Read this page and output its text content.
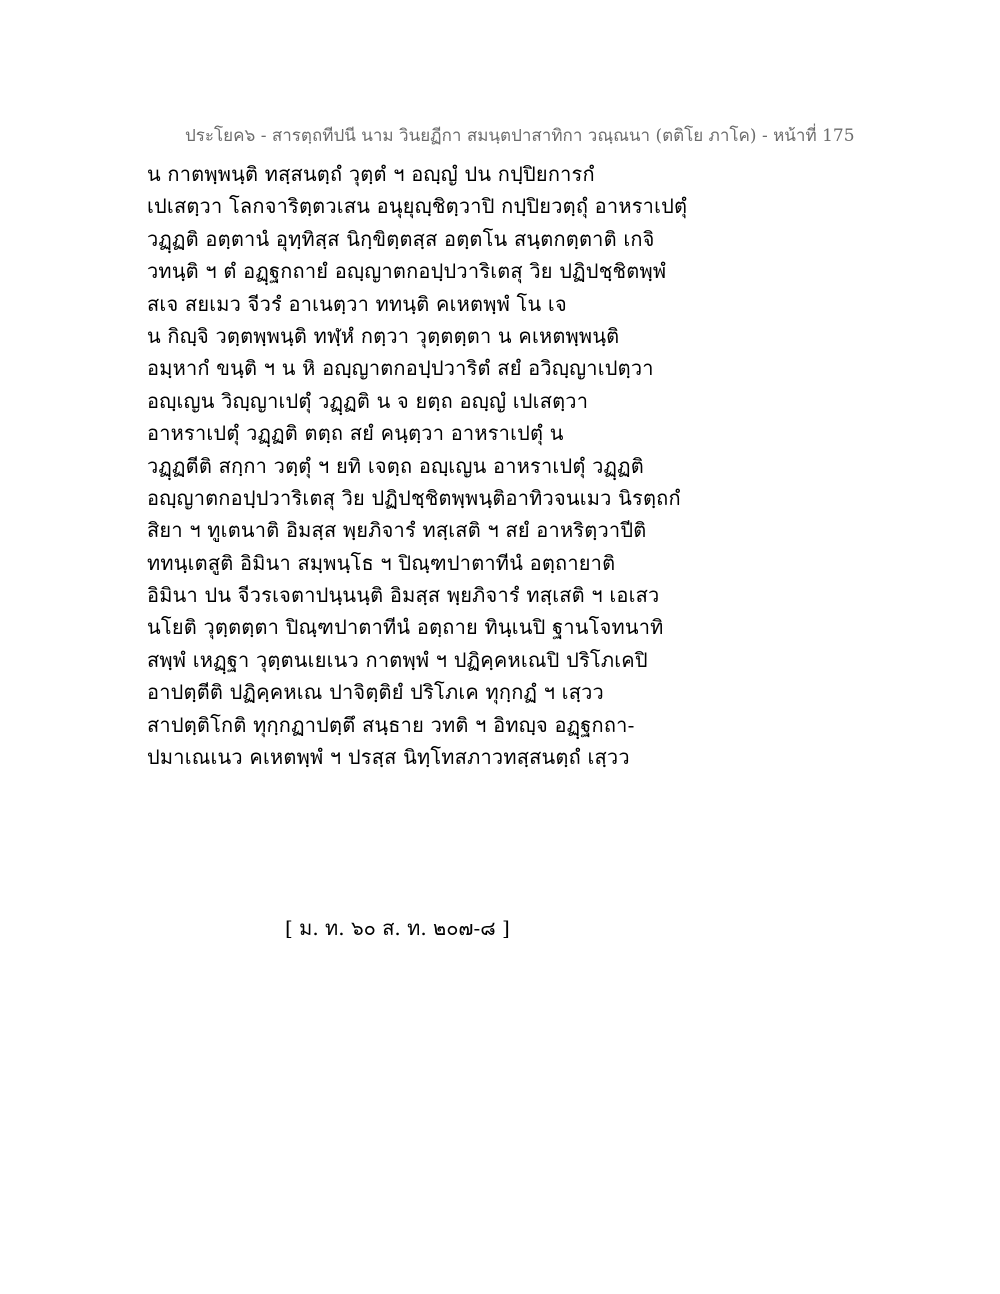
ประโยค๖ - สารตฺถทีปนี นาม วินยฏีกา สมนฺตปาสาทิกา วณฺณนา (ตติโย ภาโค) - หน้าที่ 175
น กาตพฺพนฺติ ทสฺสนตฺถํ วุตฺตํ ฯ อญฺญํ ปน กปฺปิยการกํ
เปเสตฺวา โลกจาริตฺตวเสน อนุยุญฺชิตฺวาปิ กปฺปิยวตฺถุํ อาหราเปตุํ
วฏฺฏติ อตฺตานํ อุทฺทิสฺส นิกฺขิตฺตสฺส อตฺตโน สนฺตกตฺตาติ เกจิ
วทนฺติ ฯ ตํ อฏฺฐกถายํ อญฺญาตกอปฺปวาริเตสุ วิย ปฏิปชฺชิตพฺพํ
สเจ สยเมว จีวรํ อาเนตฺวา ททนฺติ คเหตพฺพํ โน เจ
น กิญฺจิ วตฺตพฺพนฺติ ทฬฺหํ กตฺวา วุตฺตตฺตา น คเหตพฺพนฺติ
อมฺหากํ ขนฺติ ฯ น หิ อญฺญาตกอปฺปวาริตํ สยํ อวิญฺญาเปตฺวา
อญฺเญน วิญฺญาเปตุํ วฏฺฏติ น จ ยตฺถ อญฺญํ เปเสตฺวา
อาหราเปตุํ วฏฺฏติ ตตฺถ สยํ คนฺตฺวา อาหราเปตุํ น
วฏฺฏตีติ สกฺกา วตฺตุํ ฯ ยทิ เจตฺถ อญฺเญน อาหราเปตุํ วฏฺฏติ
อญฺญาตกอปฺปวาริเตสุ วิย ปฏิปชฺชิตพฺพนฺติอาทิวจนเมว นิรตฺถกํ
สิยา ฯ ทูเตนาติ อิมสฺส พฺยภิจารํ ทสฺเสติ ฯ สยํ อาหริตฺวาปีติ
ททนฺเตสูติ อิมินา สมฺพนฺโธ ฯ ปิณฺฑปาตาทีนํ อตฺถายาติ
อิมินา ปน จีวรเจตาปนฺนนฺติ อิมสฺส พฺยภิจารํ ทสฺเสติ ฯ เอเสว
นโยติ วุตฺตตฺตา ปิณฺฑปาตาทีนํ อตฺถาย ทินฺเนปิ ฐานโจทนาทิ
สพฺพํ เหฏฺฐา วุตฺตนเยเนว กาตพฺพํ ฯ ปฏิคฺคหเณปิ ปริโภเคปิ
อาปตฺตีติ ปฏิคฺคหเณ ปาจิตฺติยํ ปริโภเค ทุกฺกฏํ ฯ เสฺวว
สาปตฺติโกติ ทุกฺกฏาปตฺตึ สนฺธาย วทติ ฯ อิทญฺจ อฏฺฐกถา-
ปมาเณเนว คเหตพฺพํ ฯ ปรสฺส นิทฺโทสภาวทสฺสนตฺถํ เสฺวว
[ ม. ท. ๖๐ ส. ท. ๒๐๗-๘ ]
